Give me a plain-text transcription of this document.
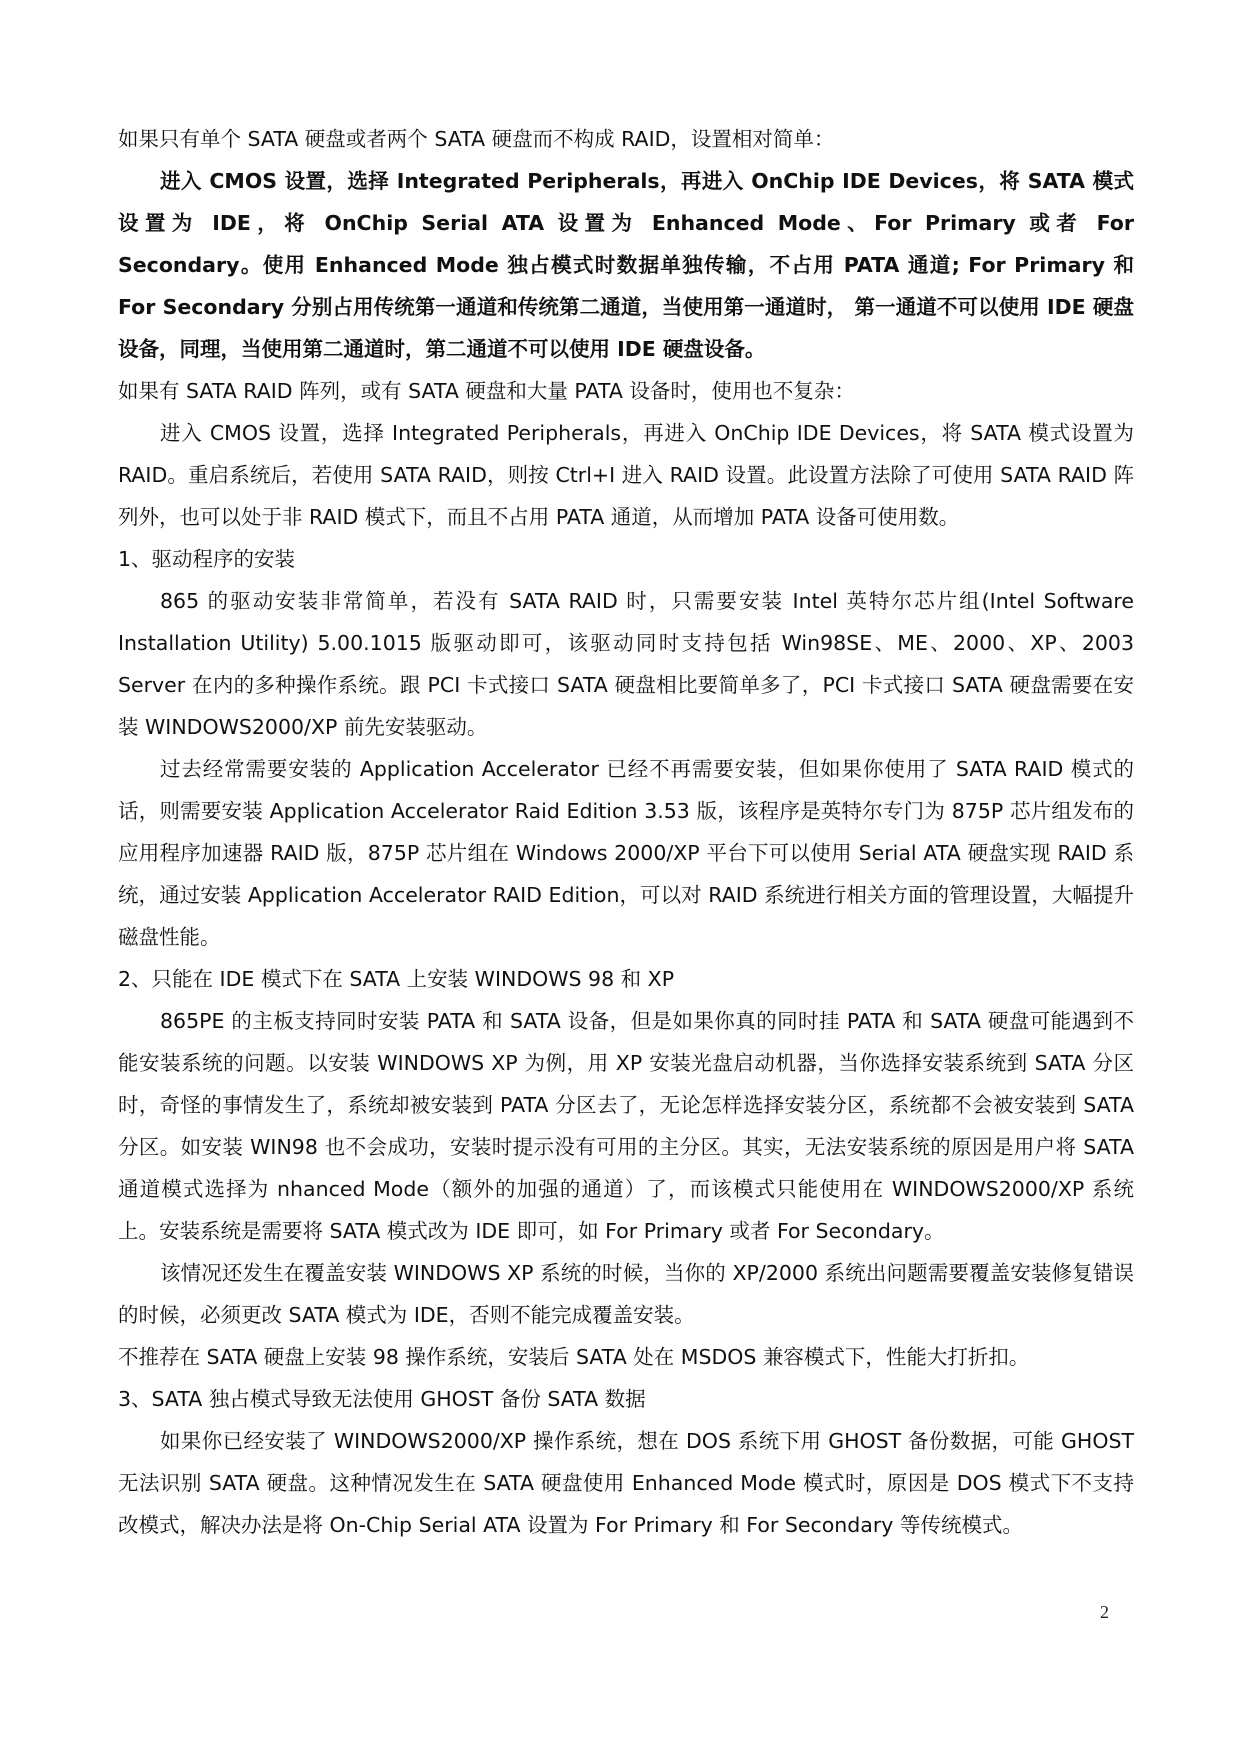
如果只有单个 SATA 硬盘或者两个 SATA 硬盘而不构成 RAID，设置相对简单：

进入 CMOS 设置，选择 Integrated Peripherals，再进入 OnChip IDE Devices，将 SATA 模式设置为 IDE，将 OnChip Serial ATA 设置为 Enhanced Mode、For Primary 或者 For Secondary。使用 Enhanced Mode 独占模式时数据单独传输，不占用 PATA 通道; For Primary 和 For Secondary 分别占用传统第一通道和传统第二通道，当使用第一通道时， 第一通道不可以使用 IDE 硬盘设备，同理，当使用第二通道时，第二通道不可以使用 IDE 硬盘设备。

如果有 SATA RAID 阵列，或有 SATA 硬盘和大量 PATA 设备时，使用也不复杂：

进入 CMOS 设置，选择 Integrated Peripherals，再进入 OnChip IDE Devices，将 SATA 模式设置为 RAID。重启系统后，若使用 SATA RAID，则按 Ctrl+I 进入 RAID 设置。此设置方法除了可使用 SATA RAID 阵列外，也可以处于非 RAID 模式下，而且不占用 PATA 通道，从而增加 PATA 设备可使用数。

1、驱动程序的安装

865 的驱动安装非常简单，若没有 SATA RAID 时，只需要安装 Intel 英特尔芯片组(Intel Software Installation Utility) 5.00.1015 版驱动即可，该驱动同时支持包括 Win98SE、ME、2000、XP、2003 Server 在内的多种操作系统。跟 PCI 卡式接口 SATA 硬盘相比要简单多了，PCI 卡式接口 SATA 硬盘需要在安装 WINDOWS2000/XP 前先安装驱动。

过去经常需要安装的 Application Accelerator 已经不再需要安装，但如果你使用了 SATA RAID 模式的话，则需要安装 Application Accelerator Raid Edition 3.53 版，该程序是英特尔专门为 875P 芯片组发布的应用程序加速器 RAID 版，875P 芯片组在 Windows 2000/XP 平台下可以使用 Serial ATA 硬盘实现 RAID 系统，通过安装 Application Accelerator RAID Edition，可以对 RAID 系统进行相关方面的管理设置，大幅提升磁盘性能。

2、只能在 IDE 模式下在 SATA 上安装 WINDOWS 98 和 XP

865PE 的主板支持同时安装 PATA 和 SATA 设备，但是如果你真的同时挂 PATA 和 SATA 硬盘可能遇到不能安装系统的问题。以安装 WINDOWS XP 为例，用 XP 安装光盘启动机器，当你选择安装系统到 SATA 分区时，奇怪的事情发生了，系统却被安装到 PATA 分区去了，无论怎样选择安装分区，系统都不会被安装到 SATA 分区。如安装 WIN98 也不会成功，安装时提示没有可用的主分区。其实，无法安装系统的原因是用户将 SATA 通道模式选择为 nhanced Mode（额外的加强的通道）了，而该模式只能使用在 WINDOWS2000/XP 系统上。安装系统是需要将 SATA 模式改为 IDE 即可，如 For Primary 或者 For Secondary。

该情况还发生在覆盖安装 WINDOWS XP 系统的时候，当你的 XP/2000 系统出问题需要覆盖安装修复错误的时候，必须更改 SATA 模式为 IDE，否则不能完成覆盖安装。

不推荐在 SATA 硬盘上安装 98 操作系统，安装后 SATA 处在 MSDOS 兼容模式下，性能大打折扣。

3、SATA 独占模式导致无法使用 GHOST 备份 SATA 数据

如果你已经安装了 WINDOWS2000/XP 操作系统，想在 DOS 系统下用 GHOST 备份数据，可能 GHOST 无法识别 SATA 硬盘。这种情况发生在 SATA 硬盘使用 Enhanced Mode 模式时，原因是 DOS 模式下不支持改模式，解决办法是将 On-Chip Serial ATA 设置为 For Primary 和 For Secondary 等传统模式。

2
